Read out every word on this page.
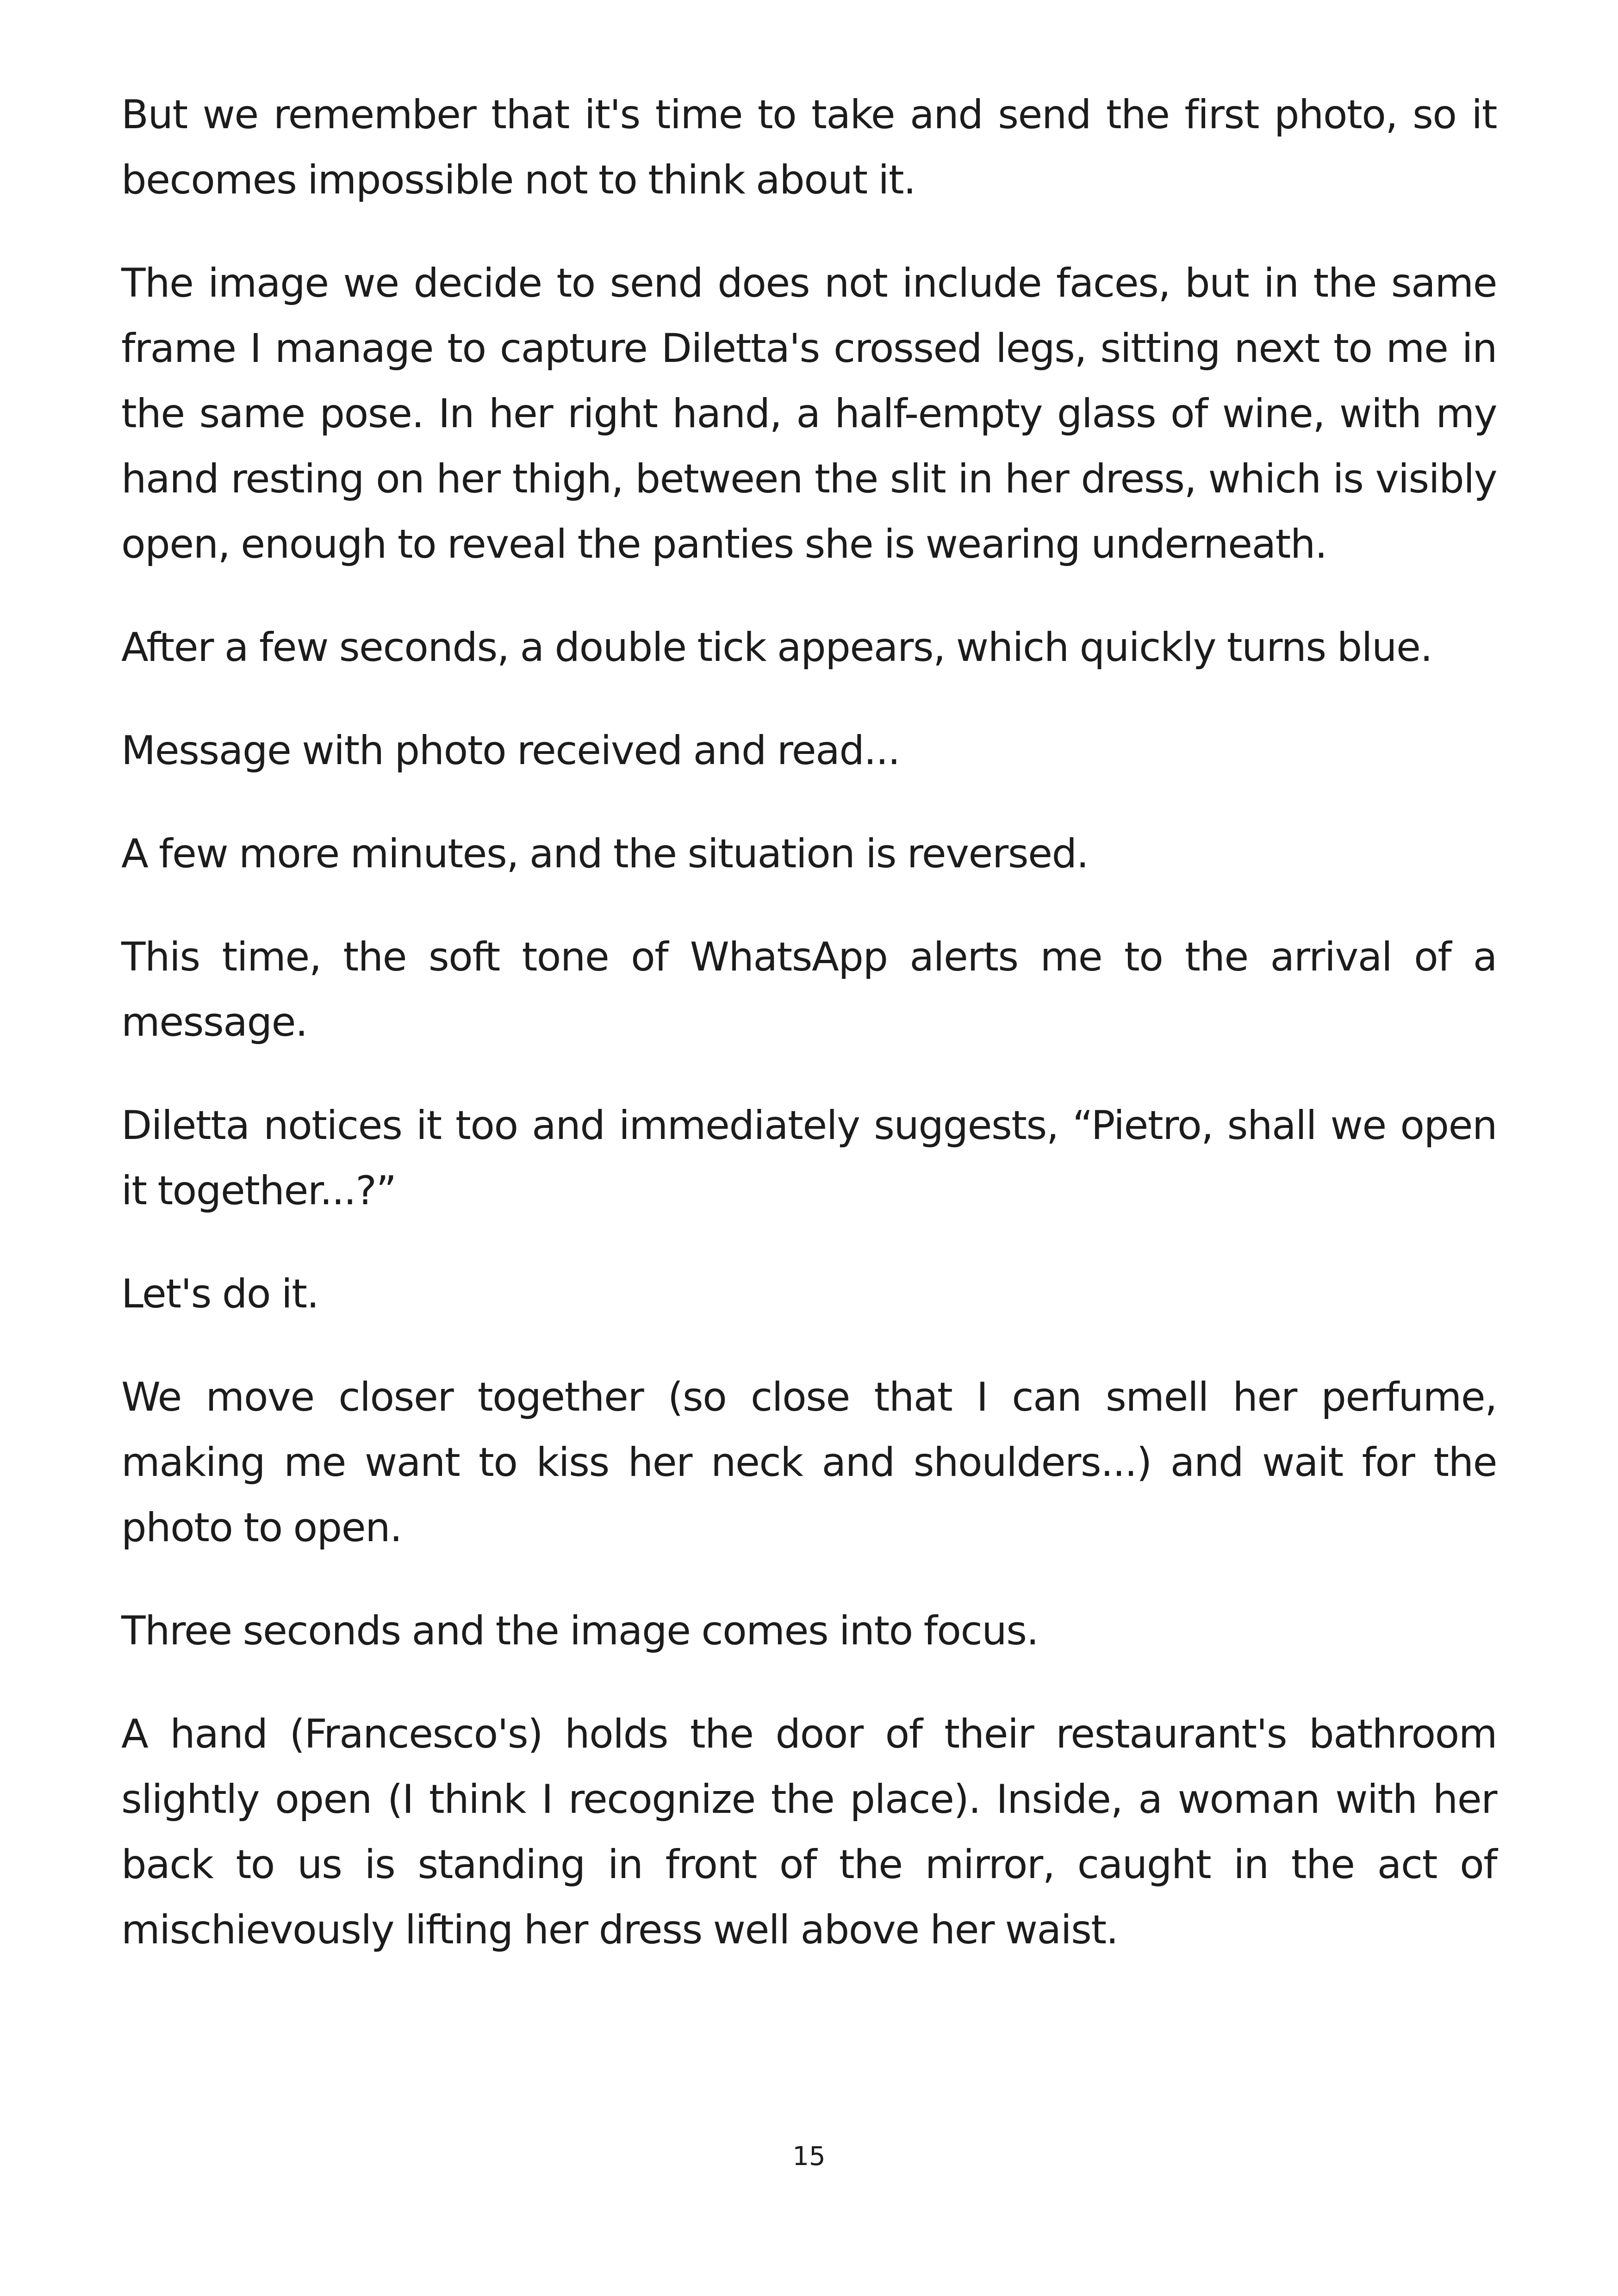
But we remember that it's time to take and send the first photo, so it becomes impossible not to think about it.

The image we decide to send does not include faces, but in the same frame I manage to capture Diletta's crossed legs, sitting next to me in the same pose. In her right hand, a half-empty glass of wine, with my hand resting on her thigh, between the slit in her dress, which is visibly open, enough to reveal the panties she is wearing underneath.

After a few seconds, a double tick appears, which quickly turns blue.

Message with photo received and read...

A few more minutes, and the situation is reversed.

This time, the soft tone of WhatsApp alerts me to the arrival of a message.

Diletta notices it too and immediately suggests, “Pietro, shall we open it together...?”

Let's do it.

We move closer together (so close that I can smell her perfume, making me want to kiss her neck and shoulders...) and wait for the photo to open.

Three seconds and the image comes into focus.

A hand (Francesco's) holds the door of their restaurant's bathroom slightly open (I think I recognize the place). Inside, a woman with her back to us is standing in front of the mirror, caught in the act of mischievously lifting her dress well above her waist.

15
